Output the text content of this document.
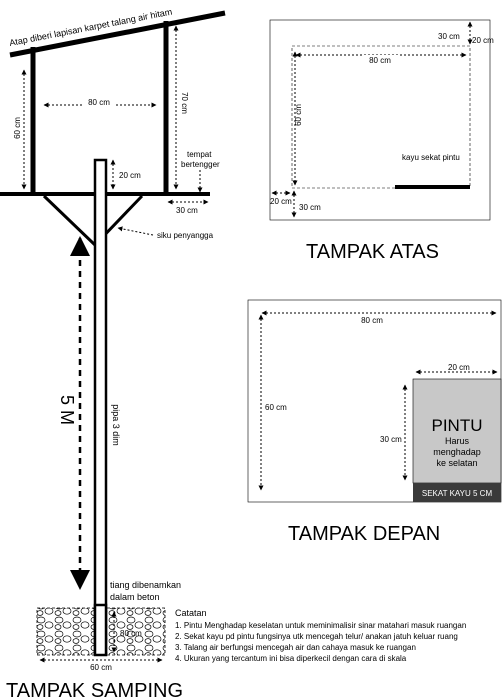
Atap diberi lapisan karpet talang air hitam
80 cm	70 cm
60 cm
20 cm
tempat
bertengger
30 cm
siku penyangga
5 M	pipa 3 dim
tiang dibenamkan
dalam beton
80 cm
60 cm
TAMPAK SAMPING
30 cm 20 cm
80 cm
60 cm
kayu sekat pintu
20 cm
30 cm
TAMPAK ATAS
80 cm
60 cm
20 cm
PINTU
Harus
menghadap
ke selatan
30 cm
SEKAT KAYU 5 CM
TAMPAK DEPAN
Catatan
1. Pintu Menghadap keselatan untuk meminimalisir sinar matahari masuk ruangan
2. Sekat kayu pd pintu fungsinya utk mencegah telur/ anakan jatuh keluar ruang
3. Talang air berfungsi mencegah air dan cahaya masuk ke ruangan
4. Ukuran yang tercantum ini bisa diperkecil dengan cara di skala
